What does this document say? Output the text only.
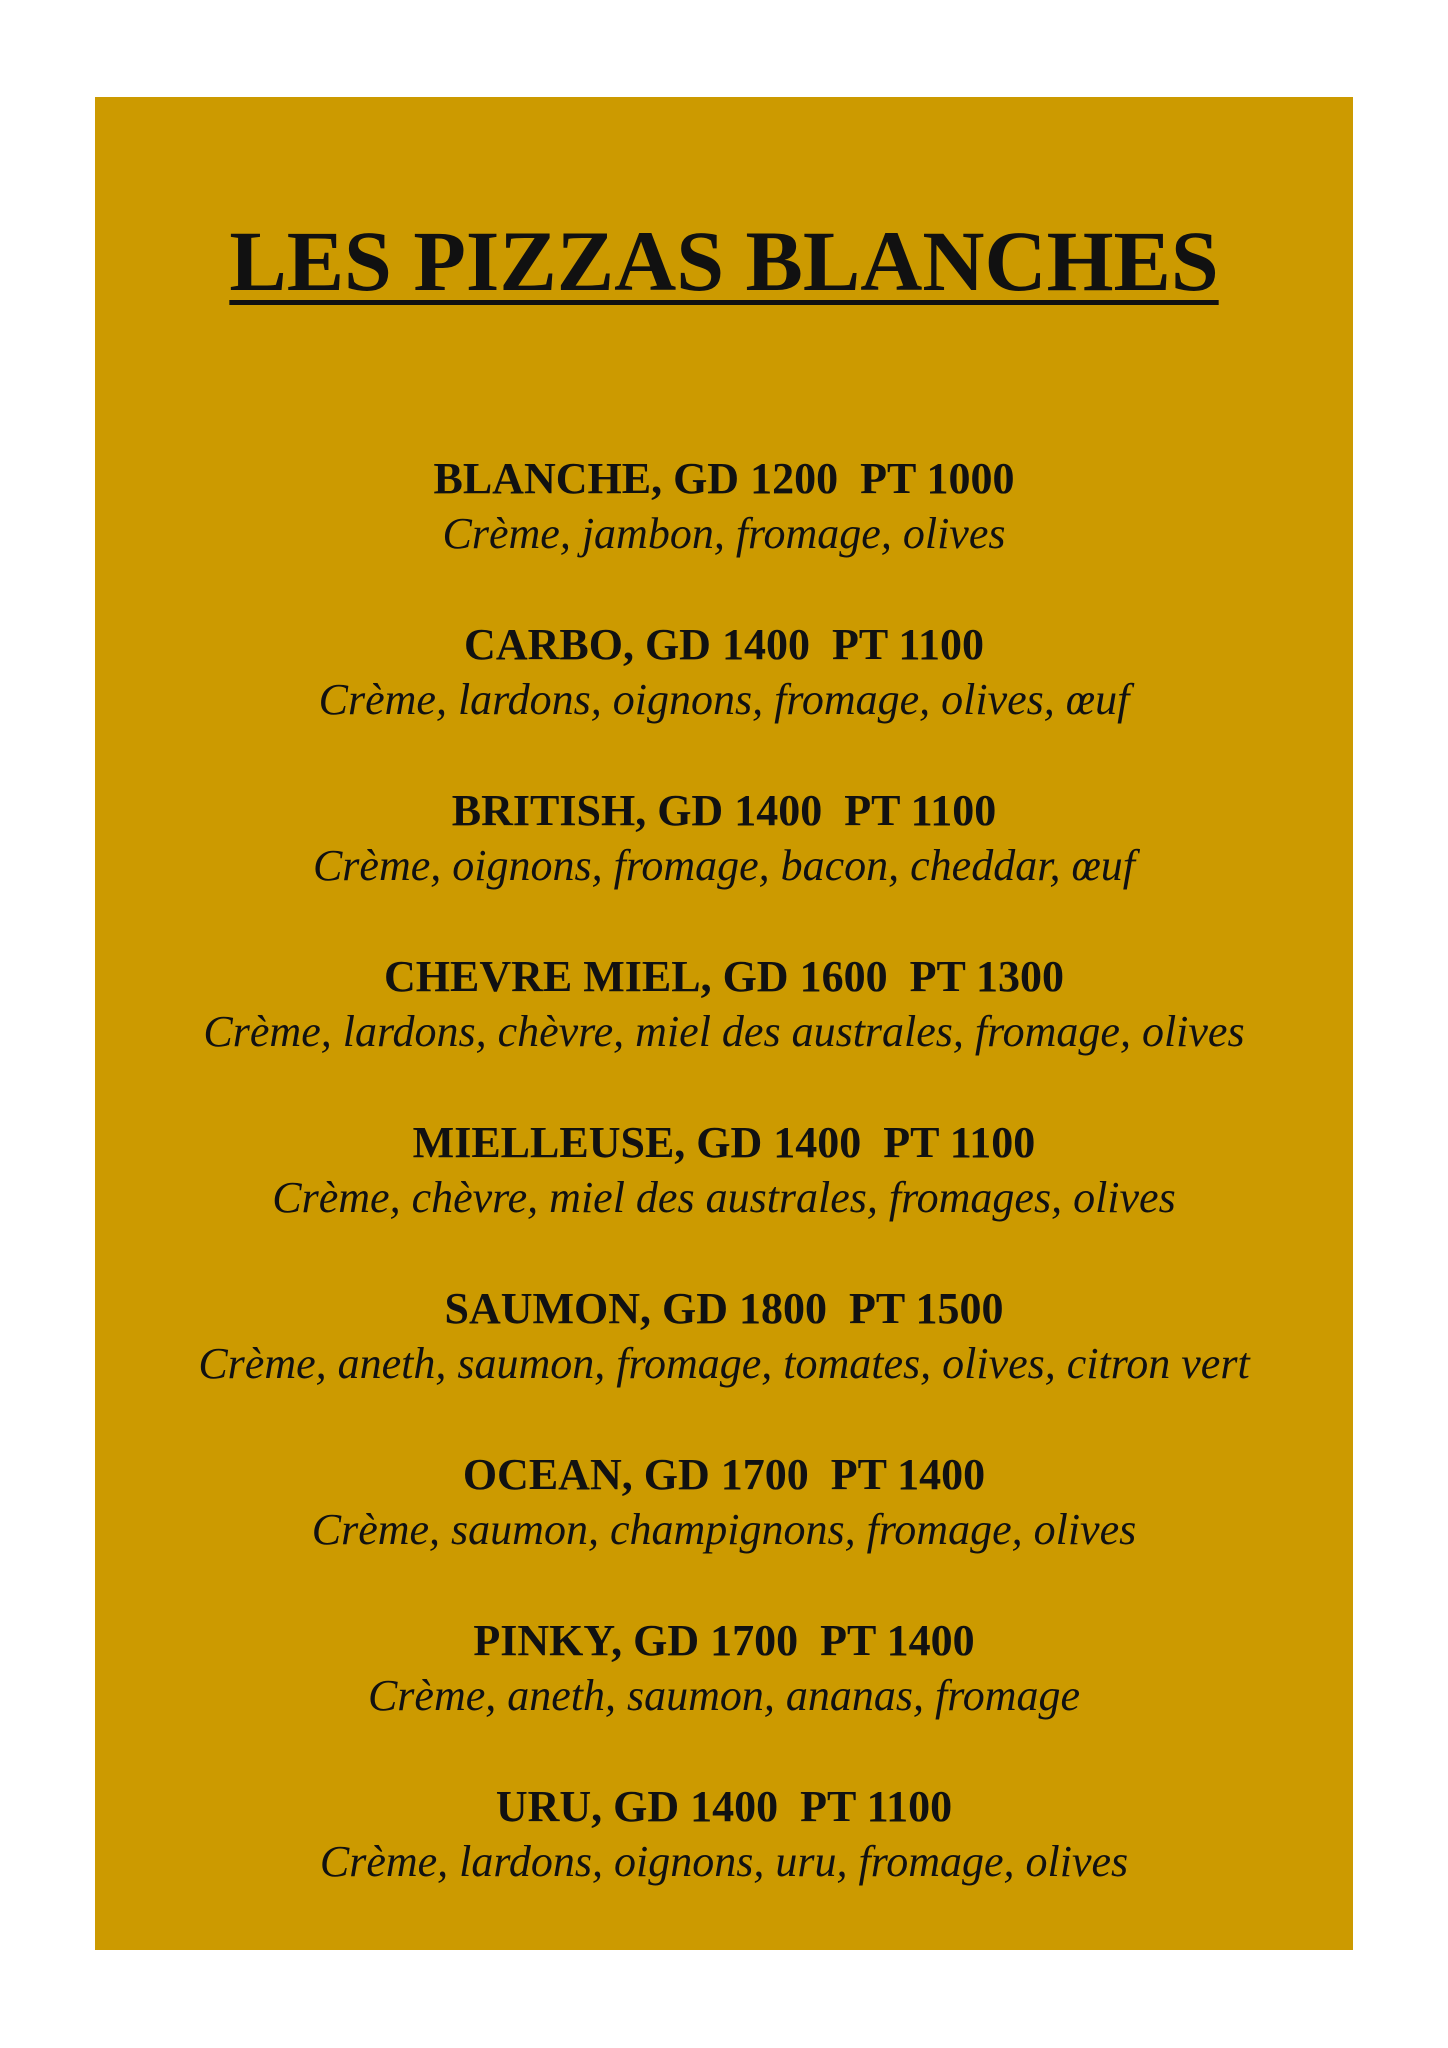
LES PIZZAS BLANCHES
BLANCHE, GD 1200  PT 1000
Crème, jambon, fromage, olives
CARBO, GD 1400  PT 1100
Crème, lardons, oignons, fromage, olives, œuf
BRITISH, GD 1400  PT 1100
Crème, oignons, fromage, bacon, cheddar, œuf
CHEVRE MIEL, GD 1600  PT 1300
Crème, lardons, chèvre, miel des australes, fromage, olives
MIELLEUSE, GD 1400  PT 1100
Crème, chèvre, miel des australes, fromages, olives
SAUMON, GD 1800  PT 1500
Crème, aneth, saumon, fromage, tomates, olives, citron vert
OCEAN, GD 1700  PT 1400
Crème, saumon, champignons, fromage, olives
PINKY, GD 1700  PT 1400
Crème, aneth, saumon, ananas, fromage
URU, GD 1400  PT 1100
Crème, lardons, oignons, uru, fromage, olives
